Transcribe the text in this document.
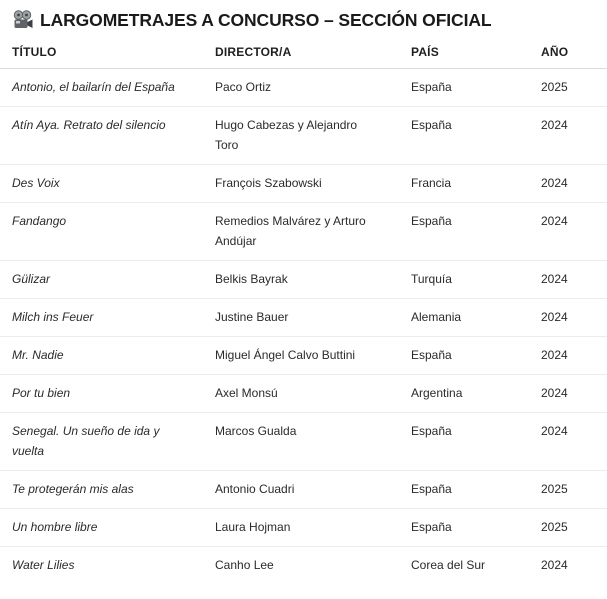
LARGOMETRAJES A CONCURSO – SECCIÓN OFICIAL
TÍTULO	DIRECTOR/A	PAÍS	AÑO
Antonio, el bailarín del España	Paco Ortiz	España	2025
Atín Aya. Retrato del silencio	Hugo Cabezas y Alejandro Toro	España	2024
Des Voix	François Szabowski	Francia	2024
Fandango	Remedios Malvárez y Arturo Andújar	España	2024
Gülizar	Belkis Bayrak	Turquía	2024
Milch ins Feuer	Justine Bauer	Alemania	2024
Mr. Nadie	Miguel Ángel Calvo Buttini	España	2024
Por tu bien	Axel Monsú	Argentina	2024
Senegal. Un sueño de ida y vuelta	Marcos Gualda	España	2024
Te protegerán mis alas	Antonio Cuadri	España	2025
Un hombre libre	Laura Hojman	España	2025
Water Lilies	Canho Lee	Corea del Sur	2024
